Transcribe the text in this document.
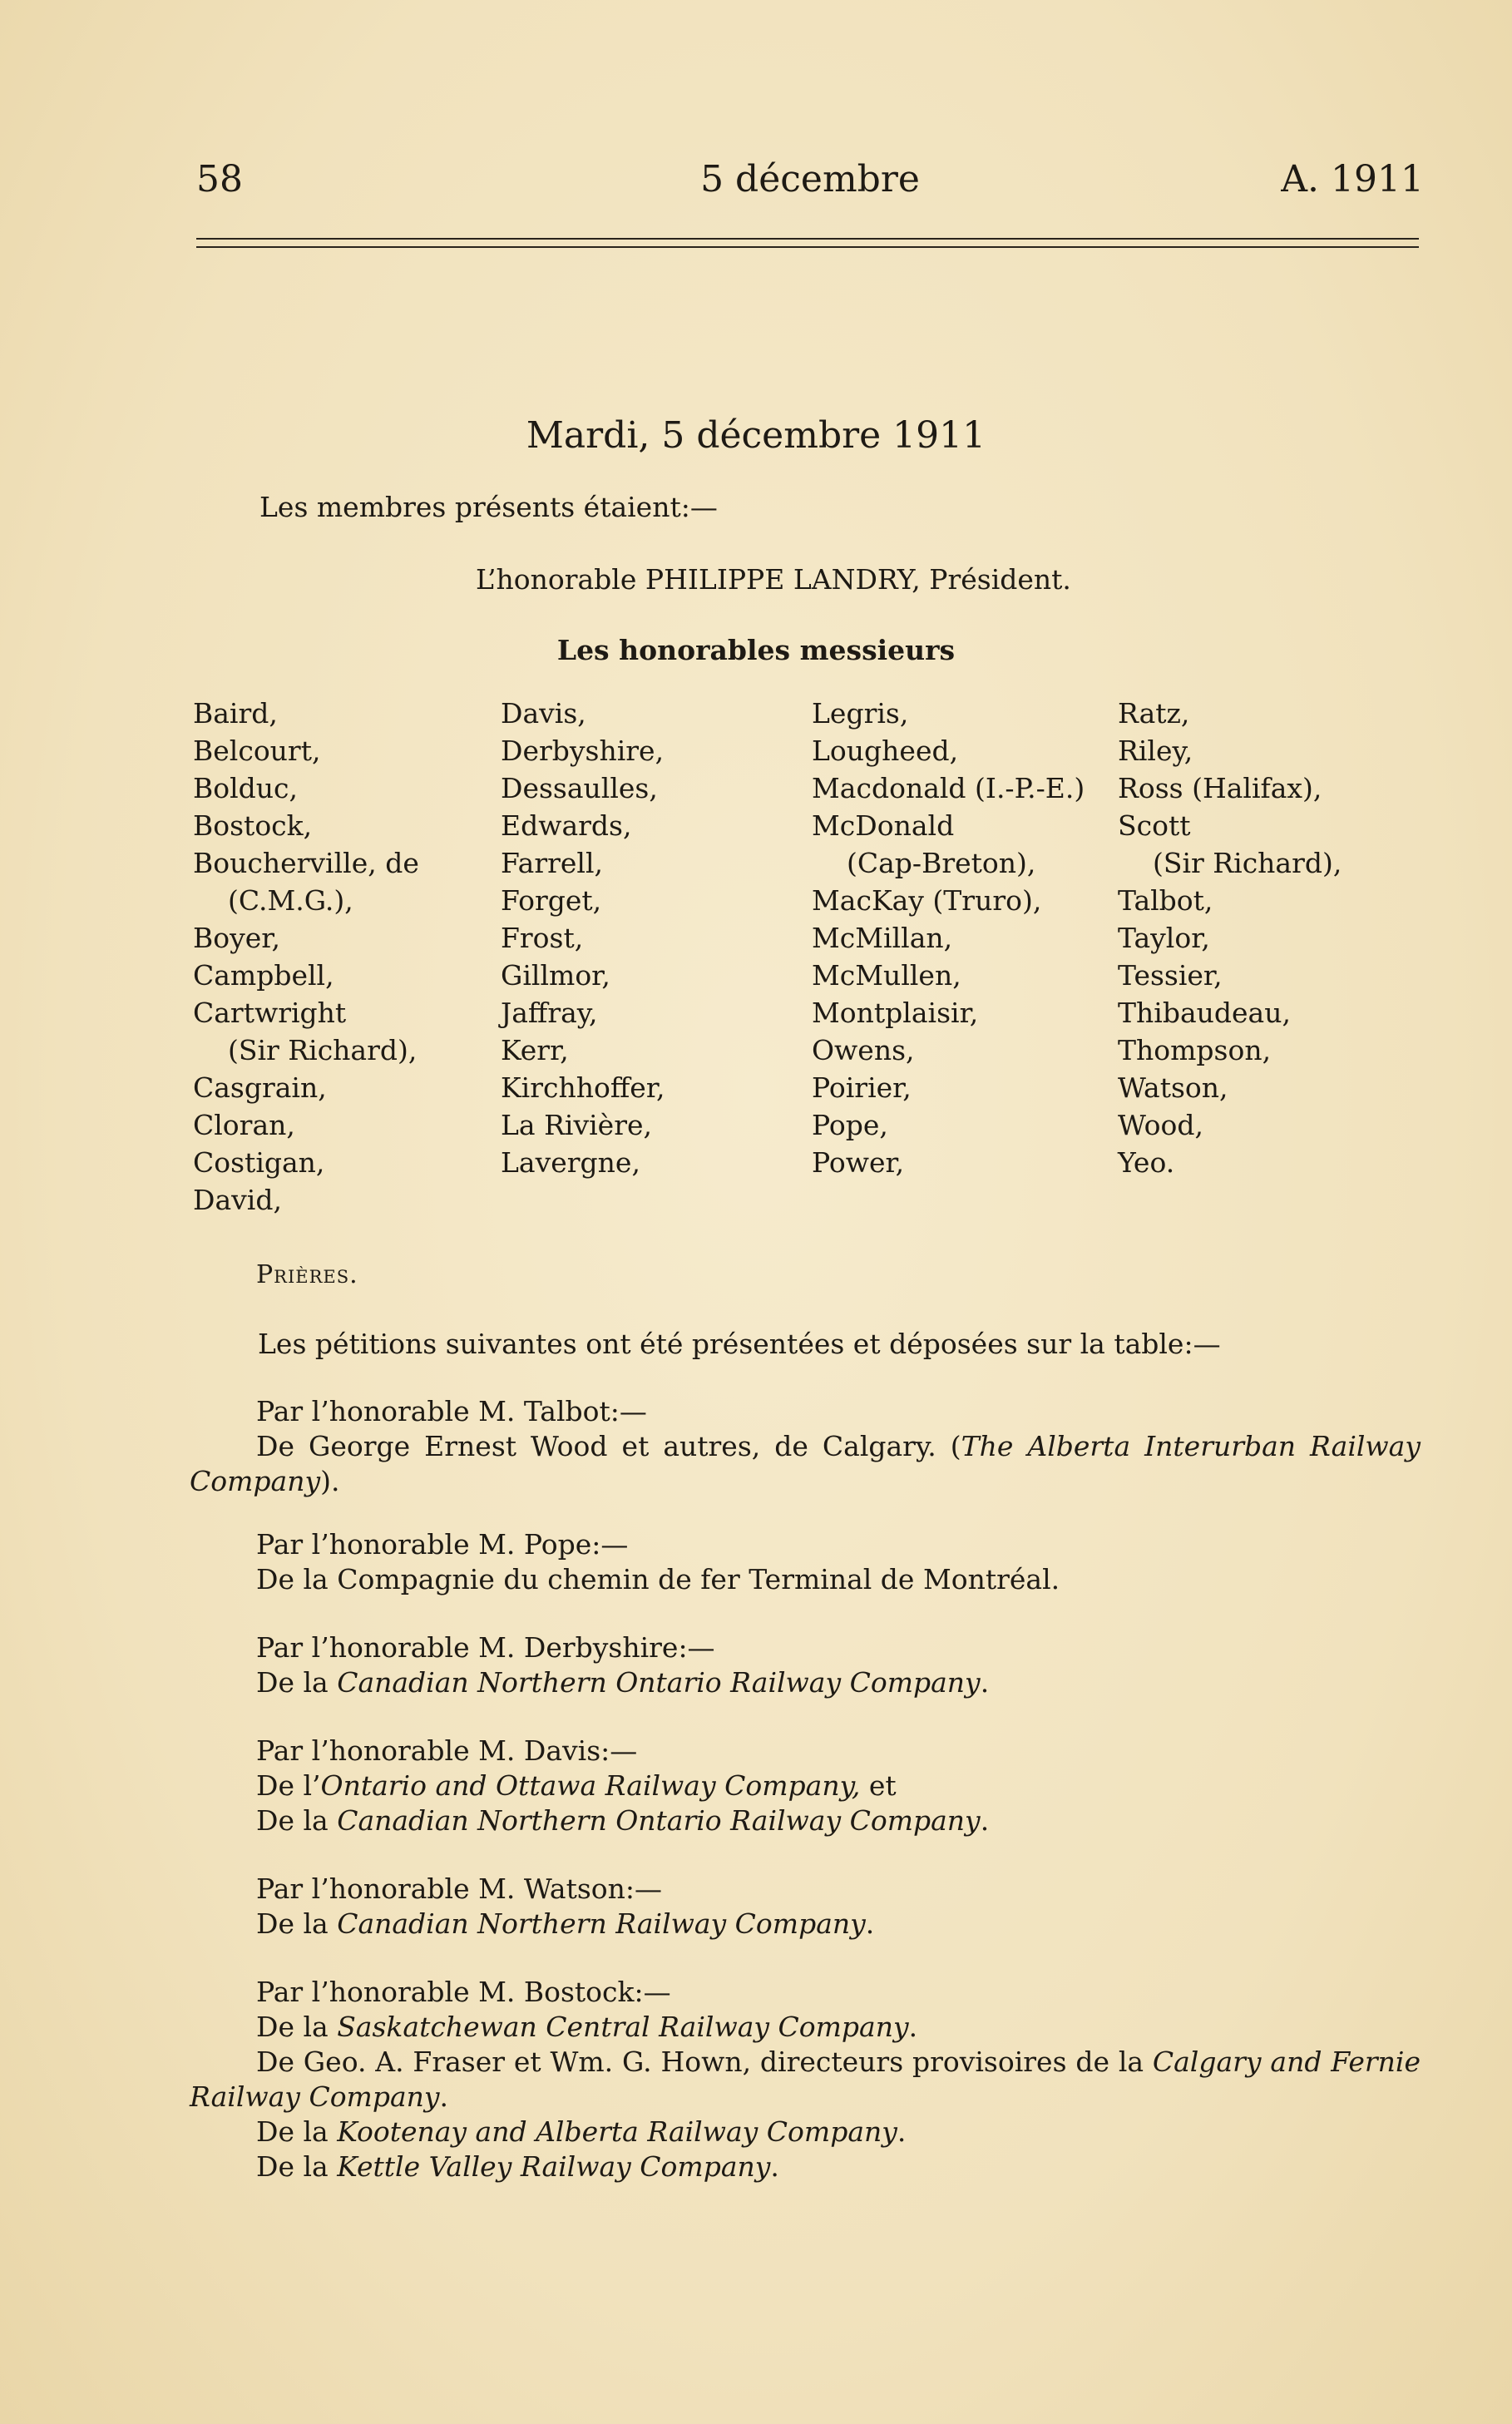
58	5 décembre	A. 1911
Mardi, 5 décembre 1911
Les membres présents étaient:—
L’honorable PHILIPPE LANDRY, Président.
Les honorables messieurs
Baird,
Belcourt,
Bolduc,
Bostock,
Boucherville, de
(C.M.G.),
Boyer,
Campbell,
Cartwright
(Sir Richard),
Casgrain,
Cloran,
Costigan,
David,
Davis,
Derbyshire,
Dessaulles,
Edwards,
Farrell,
Forget,
Frost,
Gillmor,
Jaffray,
Kerr,
Kirchhoffer,
La Rivière,
Lavergne,
Legris,
Lougheed,
Macdonald (I.-P.-E.)
McDonald
(Cap-Breton),
MacKay (Truro),
McMillan,
McMullen,
Montplaisir,
Owens,
Poirier,
Pope,
Power,
Ratz,
Riley,
Ross (Halifax),
Scott
(Sir Richard),
Talbot,
Taylor,
Tessier,
Thibaudeau,
Thompson,
Watson,
Wood,
Yeo.
Prières.
Les pétitions suivantes ont été présentées et déposées sur la table:—

Par l’honorable M. Talbot:—

De George Ernest Wood et autres, de Calgary. (The Alberta Interurban Railway Company).

Par l’honorable M. Pope:—

De la Compagnie du chemin de fer Terminal de Montréal.

Par l’honorable M. Derbyshire:—

De la Canadian Northern Ontario Railway Company.

Par l’honorable M. Davis:—

De l’Ontario and Ottawa Railway Company, et

De la Canadian Northern Ontario Railway Company.

Par l’honorable M. Watson:—

De la Canadian Northern Railway Company.

Par l’honorable M. Bostock:—

De la Saskatchewan Central Railway Company.

De Geo. A. Fraser et Wm. G. Hown, directeurs provisoires de la Calgary and Fernie Railway Company.

De la Kootenay and Alberta Railway Company.

De la Kettle Valley Railway Company.
